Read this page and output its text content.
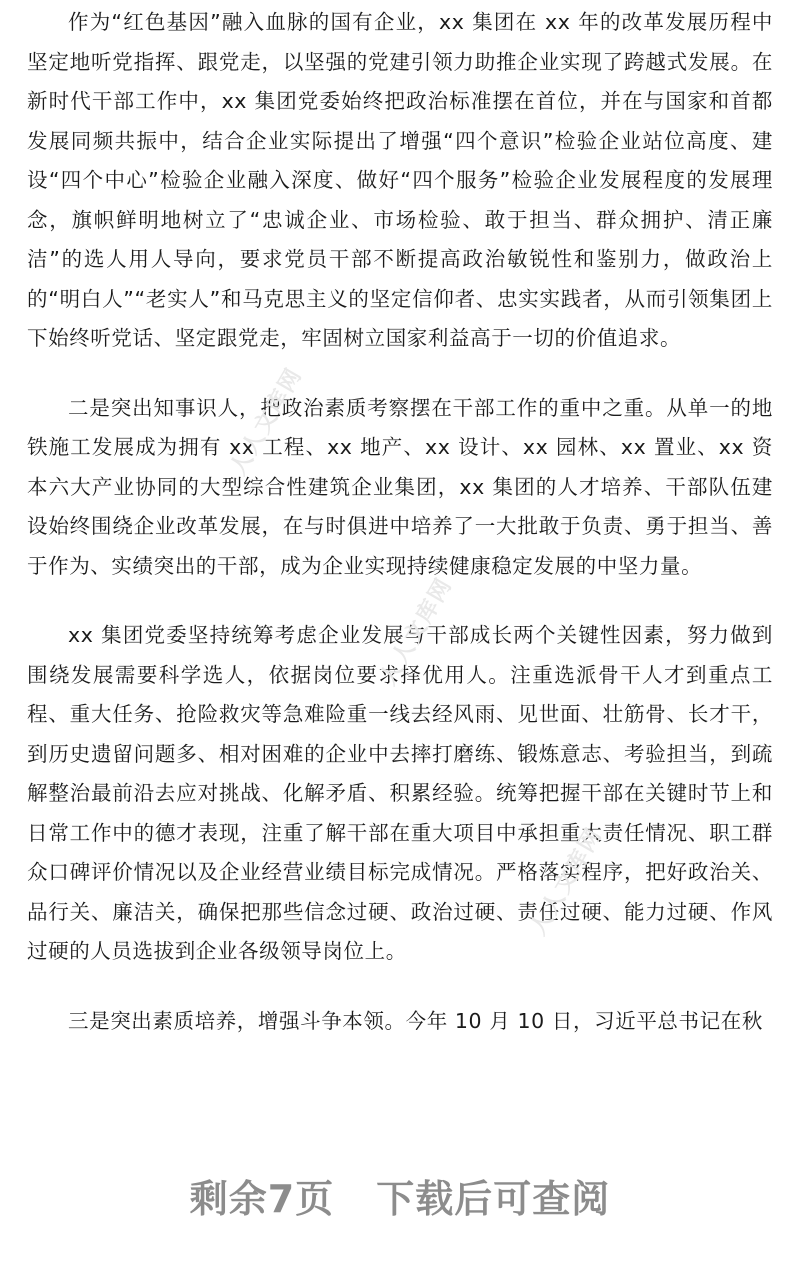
作为“红色基因”融入血脉的国有企业，xx 集团在 xx 年的改革发展历程中坚定地听党指挥、跟党走，以坚强的党建引领力助推企业实现了跨越式发展。在新时代干部工作中，xx 集团党委始终把政治标准摆在首位，并在与国家和首都发展同频共振中，结合企业实际提出了增强“四个意识”检验企业站位高度、建设“四个中心”检验企业融入深度、做好“四个服务”检验企业发展程度的发展理念，旗帜鲜明地树立了“忠诚企业、市场检验、敢于担当、群众拥护、清正廉洁”的选人用人导向，要求党员干部不断提高政治敏锐性和鉴别力，做政治上的“明白人”“老实人”和马克思主义的坚定信仰者、忠实实践者，从而引领集团上下始终听党话、坚定跟党走，牢固树立国家利益高于一切的价值追求。

二是突出知事识人，把政治素质考察摆在干部工作的重中之重。从单一的地铁施工发展成为拥有 xx 工程、xx 地产、xx 设计、xx 园林、xx 置业、xx 资本六大产业协同的大型综合性建筑企业集团，xx 集团的人才培养、干部队伍建设始终围绕企业改革发展，在与时俱进中培养了一大批敢于负责、勇于担当、善于作为、实绩突出的干部，成为企业实现持续健康稳定发展的中坚力量。

xx 集团党委坚持统筹考虑企业发展与干部成长两个关键性因素，努力做到围绕发展需要科学选人，依据岗位要求择优用人。注重选派骨干人才到重点工程、重大任务、抢险救灾等急难险重一线去经风雨、见世面、壮筋骨、长才干，到历史遗留问题多、相对困难的企业中去摔打磨练、锻炼意志、考验担当，到疏解整治最前沿去应对挑战、化解矛盾、积累经验。统筹把握干部在关键时节上和日常工作中的德才表现，注重了解干部在重大项目中承担重大责任情况、职工群众口碑评价情况以及企业经营业绩目标完成情况。严格落实程序，把好政治关、品行关、廉洁关，确保把那些信念过硬、政治过硬、责任过硬、能力过硬、作风过硬的人员选拔到企业各级领导岗位上。

三是突出素质培养，增强斗争本领。今年 10 月 10 日，习近平总书记在秋

人人文库网
人人文库网
人人文库网
剩余7页 下载后可查阅
